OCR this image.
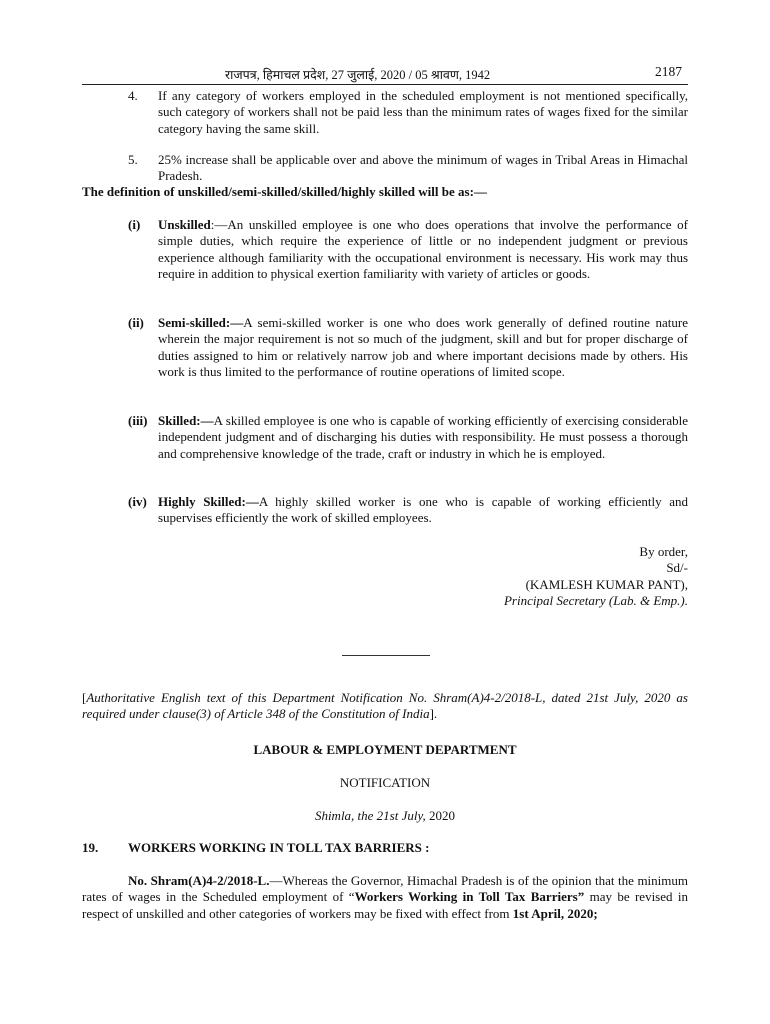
राजपत्र, हिमाचल प्रदेश, 27 जुलाई, 2020 / 05 श्रावण, 1942	2187
4. If any category of workers employed in the scheduled employment is not mentioned specifically, such category of workers shall not be paid less than the minimum rates of wages fixed for the similar category having the same skill.

5. 25% increase shall be applicable over and above the minimum of wages in Tribal Areas in Himachal Pradesh.

The definition of unskilled/semi-skilled/skilled/highly skilled will be as:—

(i) Unskilled:—An unskilled employee is one who does operations that involve the performance of simple duties, which require the experience of little or no independent judgment or previous experience although familiarity with the occupational environment is necessary. His work may thus require in addition to physical exertion familiarity with variety of articles or goods.

(ii) Semi-skilled:—A semi-skilled worker is one who does work generally of defined routine nature wherein the major requirement is not so much of the judgment, skill and but for proper discharge of duties assigned to him or relatively narrow job and where important decisions made by others. His work is thus limited to the performance of routine operations of limited scope.

(iii) Skilled:—A skilled employee is one who is capable of working efficiently of exercising considerable independent judgment and of discharging his duties with responsibility. He must possess a thorough and comprehensive knowledge of the trade, craft or industry in which he is employed.

(iv) Highly Skilled:—A highly skilled worker is one who is capable of working efficiently and supervises efficiently the work of skilled employees.

By order,
Sd/-
(KAMLESH KUMAR PANT),
Principal Secretary (Lab. & Emp.).

[Authoritative English text of this Department Notification No. Shram(A)4-2/2018-L, dated 21st July, 2020 as required under clause(3) of Article 348 of the Constitution of India].

LABOUR & EMPLOYMENT DEPARTMENT
NOTIFICATION
Shimla, the 21st July, 2020
19. WORKERS WORKING IN TOLL TAX BARRIERS :

No. Shram(A)4-2/2018-L.—Whereas the Governor, Himachal Pradesh is of the opinion that the minimum rates of wages in the Scheduled employment of “Workers Working in Toll Tax Barriers” may be revised in respect of unskilled and other categories of workers may be fixed with effect from 1st April, 2020;
